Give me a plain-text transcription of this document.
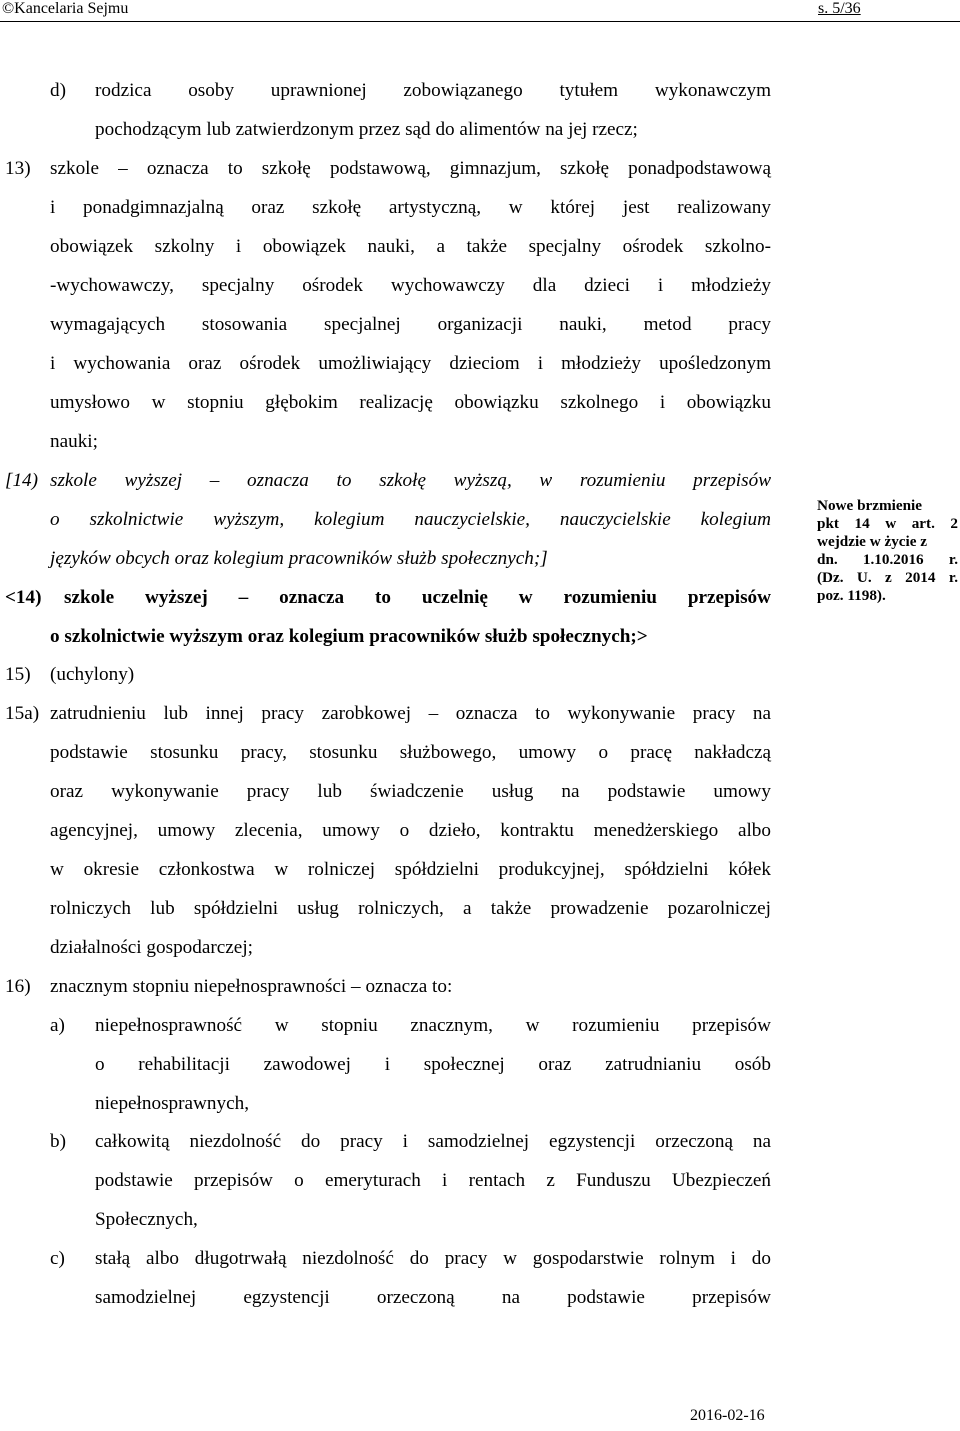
©Kancelaria Sejmu	s. 5/36
d) rodzica osoby uprawnionej zobowiązanego tytułem wykonawczym
pochodzącym lub zatwierdzonym przez sąd do alimentów na jej rzecz;
13) szkole – oznacza to szkołę podstawową, gimnazjum, szkołę ponadpodstawową
i ponadgimnazjalną oraz szkołę artystyczną, w której jest realizowany
obowiązek szkolny i obowiązek nauki, a także specjalny ośrodek szkolno-
-wychowawczy, specjalny ośrodek wychowawczy dla dzieci i młodzieży
wymagających stosowania specjalnej organizacji nauki, metod pracy
i wychowania oraz ośrodek umożliwiający dzieciom i młodzieży upośledzonym
umysłowo w stopniu głębokim realizację obowiązku szkolnego i obowiązku
nauki;
[14) szkole wyższej – oznacza to szkołę wyższą, w rozumieniu przepisów
o szkolnictwie wyższym, kolegium nauczycielskie, nauczycielskie kolegium
języków obcych oraz kolegium pracowników służb społecznych;]
<14) szkole wyższej – oznacza to uczelnię w rozumieniu przepisów
o szkolnictwie wyższym oraz kolegium pracowników służb społecznych;>
15) (uchylony)
15a) zatrudnieniu lub innej pracy zarobkowej – oznacza to wykonywanie pracy na
podstawie stosunku pracy, stosunku służbowego, umowy o pracę nakładczą
oraz wykonywanie pracy lub świadczenie usług na podstawie umowy
agencyjnej, umowy zlecenia, umowy o dzieło, kontraktu menedżerskiego albo
w okresie członkostwa w rolniczej spółdzielni produkcyjnej, spółdzielni kółek
rolniczych lub spółdzielni usług rolniczych, a także prowadzenie pozarolniczej
działalności gospodarczej;
16) znacznym stopniu niepełnosprawności – oznacza to:
a) niepełnosprawność w stopniu znacznym, w rozumieniu przepisów
o rehabilitacji zawodowej i społecznej oraz zatrudnianiu osób
niepełnosprawnych,
b) całkowitą niezdolność do pracy i samodzielnej egzystencji orzeczoną na
podstawie przepisów o emeryturach i rentach z Funduszu Ubezpieczeń
Społecznych,
c) stałą albo długotrwałą niezdolność do pracy w gospodarstwie rolnym i do
samodzielnej egzystencji orzeczoną na podstawie przepisów
Nowe brzmienie
pkt 14 w art. 2
wejdzie w życie z
dn. 1.10.2016 r.
(Dz. U. z 2014 r.
poz. 1198).
2016-02-16
